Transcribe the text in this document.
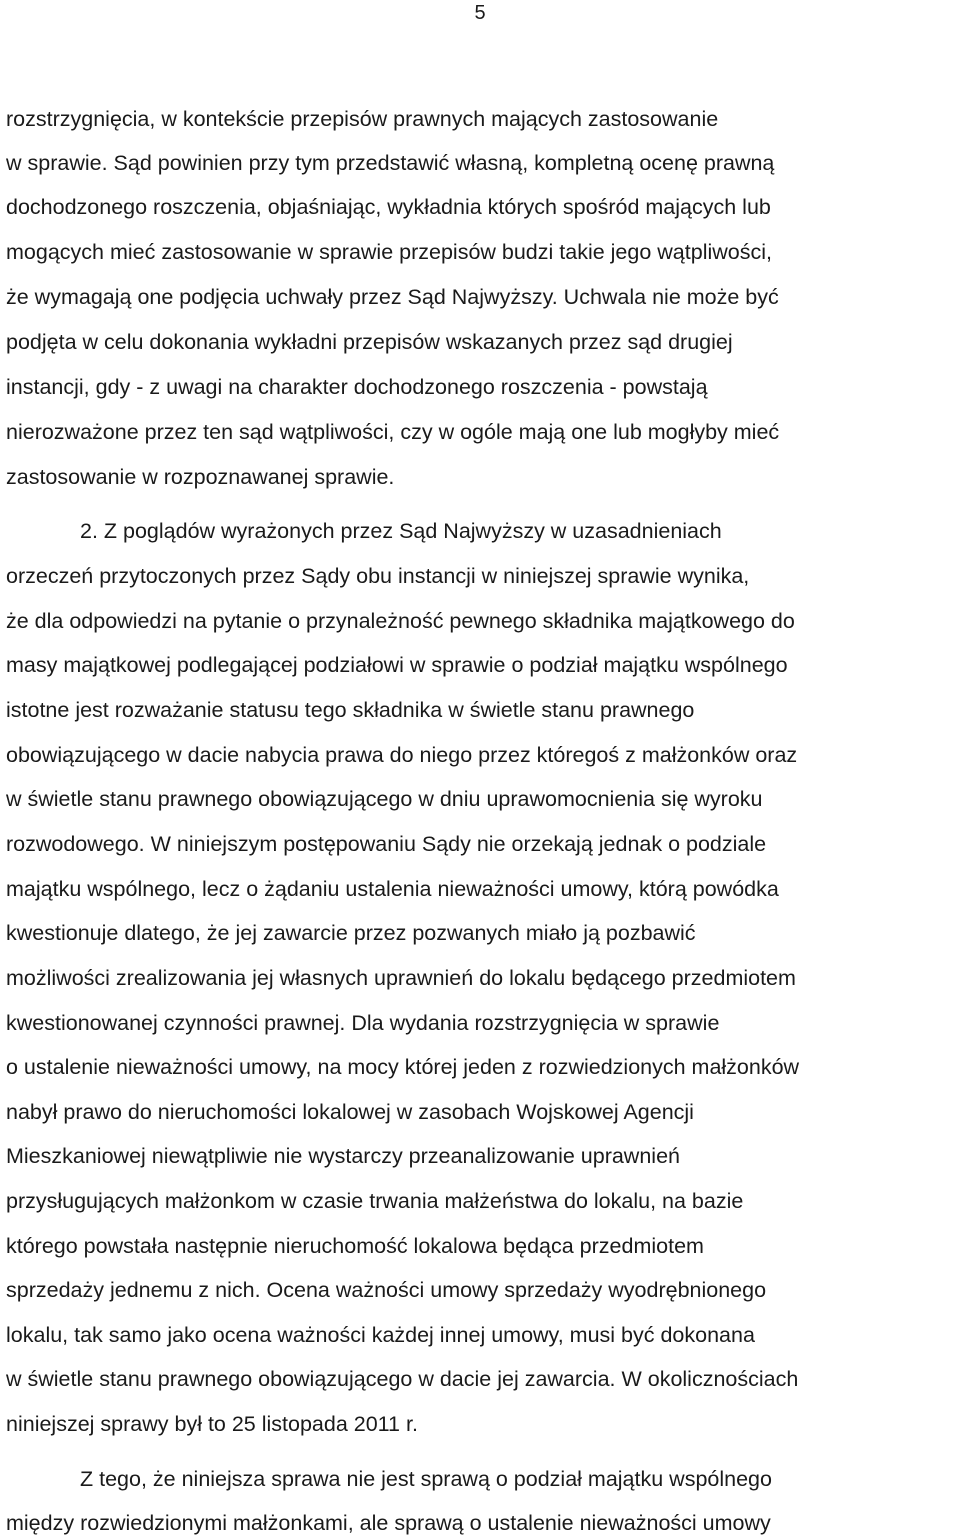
5
rozstrzygnięcia, w kontekście przepisów prawnych mających zastosowanie
w sprawie. Sąd powinien przy tym przedstawić własną, kompletną ocenę prawną
dochodzonego roszczenia, objaśniając, wykładnia których spośród mających lub
mogących mieć zastosowanie w sprawie przepisów budzi takie jego wątpliwości,
że wymagają one podjęcia uchwały przez Sąd Najwyższy. Uchwala nie może być
podjęta w celu dokonania wykładni przepisów wskazanych przez sąd drugiej
instancji, gdy - z uwagi na charakter dochodzonego roszczenia - powstają
nierozważone przez ten sąd wątpliwości, czy w ogóle mają one lub mogłyby mieć
zastosowanie w rozpoznawanej sprawie.
2. Z poglądów wyrażonych przez Sąd Najwyższy w uzasadnieniach
orzeczeń przytoczonych przez Sądy obu instancji w niniejszej sprawie wynika,
że dla odpowiedzi na pytanie o przynależność pewnego składnika majątkowego do
masy majątkowej podlegającej podziałowi w sprawie o podział majątku wspólnego
istotne jest rozważanie statusu tego składnika w świetle stanu prawnego
obowiązującego w dacie nabycia prawa do niego przez któregoś z małżonków oraz
w świetle stanu prawnego obowiązującego w dniu uprawomocnienia się wyroku
rozwodowego. W niniejszym postępowaniu Sądy nie orzekają jednak o podziale
majątku wspólnego, lecz o żądaniu ustalenia nieważności umowy, którą powódka
kwestionuje dlatego, że jej zawarcie przez pozwanych miało ją pozbawić
możliwości zrealizowania jej własnych uprawnień do lokalu będącego przedmiotem
kwestionowanej czynności prawnej. Dla wydania rozstrzygnięcia w sprawie
o ustalenie nieważności umowy, na mocy której jeden z rozwiedzionych małżonków
nabył prawo do nieruchomości lokalowej w zasobach Wojskowej Agencji
Mieszkaniowej niewątpliwie nie wystarczy przeanalizowanie uprawnień
przysługujących małżonkom w czasie trwania małżeństwa do lokalu, na bazie
którego powstała następnie nieruchomość lokalowa będąca przedmiotem
sprzedaży jednemu z nich. Ocena ważności umowy sprzedaży wyodrębnionego
lokalu, tak samo jako ocena ważności każdej innej umowy, musi być dokonana
w świetle stanu prawnego obowiązującego w dacie jej zawarcia. W okolicznościach
niniejszej sprawy był to 25 listopada 2011 r.
Z tego, że niniejsza sprawa nie jest sprawą o podział majątku wspólnego
między rozwiedzionymi małżonkami, ale sprawą o ustalenie nieważności umowy
